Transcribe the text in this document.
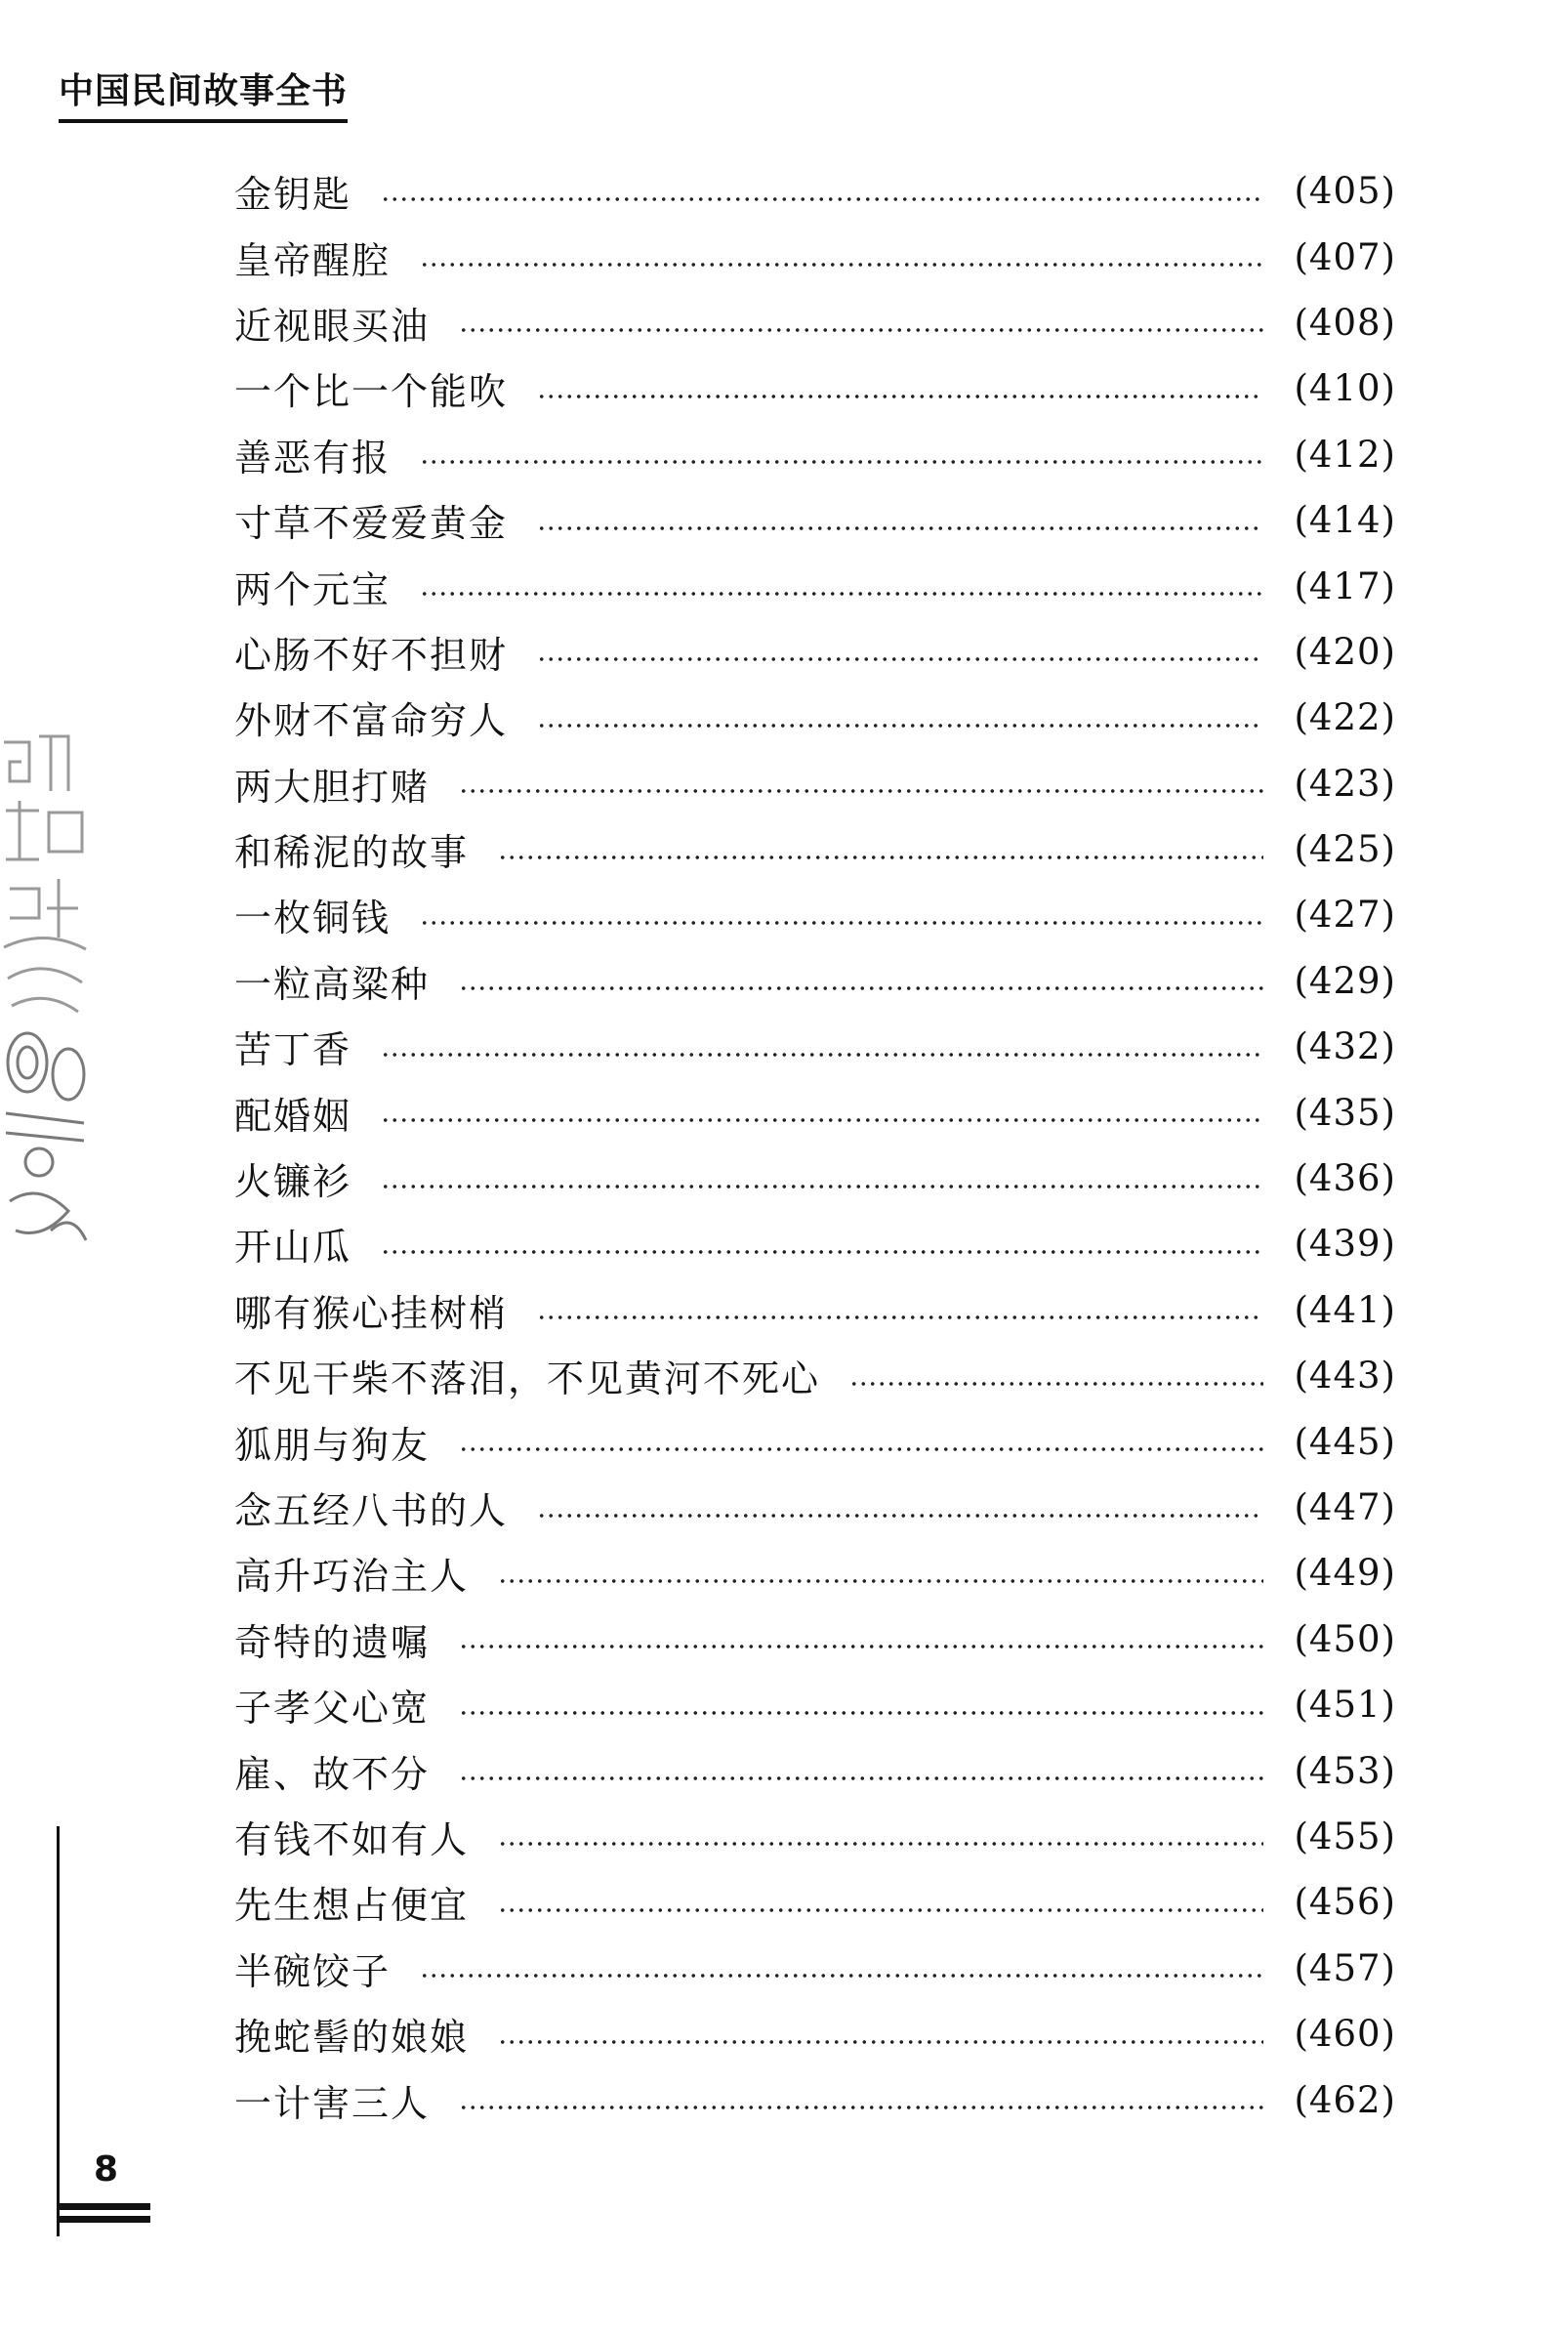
中国民间故事全书
金钥匙	(405)
皇帝醒腔	(407)
近视眼买油	(408)
一个比一个能吹	(410)
善恶有报	(412)
寸草不爱爱黄金	(414)
两个元宝	(417)
心肠不好不担财	(420)
外财不富命穷人	(422)
两大胆打赌	(423)
和稀泥的故事	(425)
一枚铜钱	(427)
一粒高粱种	(429)
苦丁香	(432)
配婚姻	(435)
火镰衫	(436)
开山瓜	(439)
哪有猴心挂树梢	(441)
不见干柴不落泪，不见黄河不死心	(443)
狐朋与狗友	(445)
念五经八书的人	(447)
高升巧治主人	(449)
奇特的遗嘱	(450)
子孝父心宽	(451)
雇、故不分	(453)
有钱不如有人	(455)
先生想占便宜	(456)
半碗饺子	(457)
挽蛇髻的娘娘	(460)
一计害三人	(462)
8
